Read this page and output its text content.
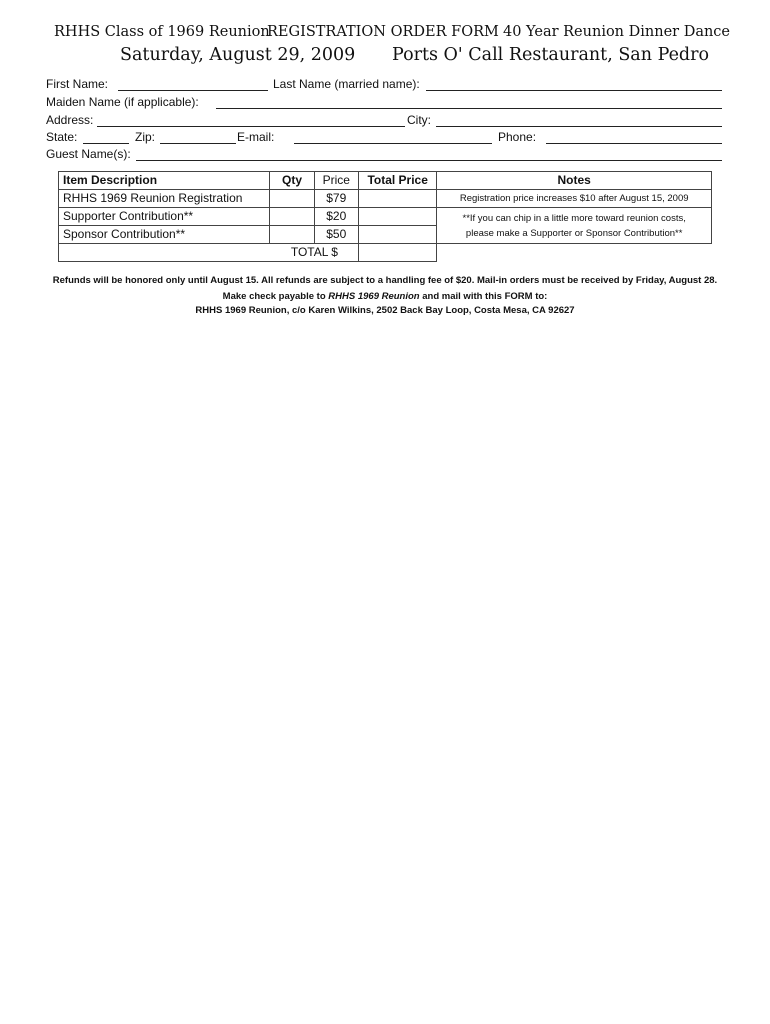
RHHS Class of 1969 Reunion
REGISTRATION ORDER FORM 40 Year Reunion Dinner Dance
Saturday, August 29, 2009 Ports O' Call Restaurant, San Pedro
First Name:	Last Name (married name):
Maiden Name (if applicable):
Address:	City:
State:	Zip:	E-mail:	Phone:
Guest Name(s):
Item Description	Qty	Price	Total Price	Notes
RHHS 1969 Reunion Registration		$79		Registration price increases $10 after August 15, 2009
Supporter Contribution**		$20		**If you can chip in a little more toward reunion costs,
please make a Supporter or Sponsor Contribution**

Sponsor Contribution**		$50		
TOTAL $				
Refunds will be honored only until August 15. All refunds are subject to a handling fee of $20. Mail-in orders must be received by Friday, August 28.
Make check payable to RHHS 1969 Reunion and mail with this FORM to:
RHHS 1969 Reunion, c/o Karen Wilkins, 2502 Back Bay Loop, Costa Mesa, CA 92627
